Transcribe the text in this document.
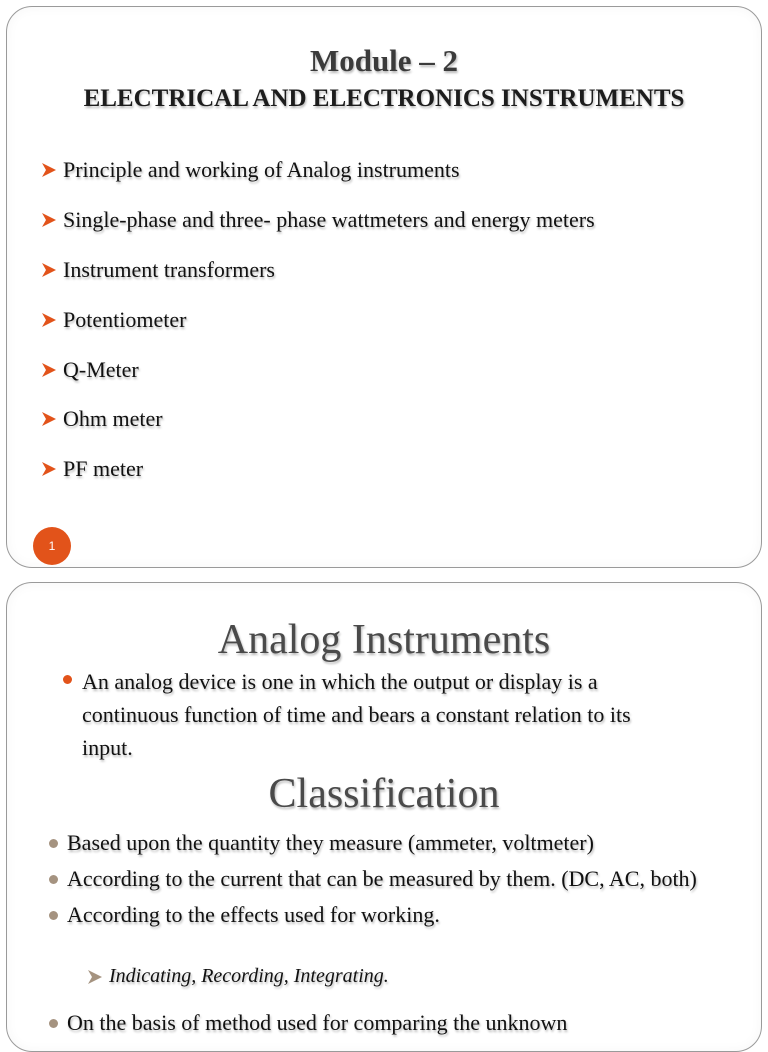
Module – 2
ELECTRICAL AND ELECTRONICS INSTRUMENTS
Principle and working of Analog instruments
Single-phase and three- phase wattmeters and energy meters
Instrument transformers
Potentiometer
Q-Meter
Ohm meter
PF meter
1
Analog Instruments
An analog device is one in which the output or display is a continuous function of time and bears a constant relation to its input.
Classification
Based upon the quantity they measure (ammeter, voltmeter)
According to the current that can be measured by them. (DC, AC, both)
According to the effects used for working.
Indicating, Recording, Integrating.
On the basis of method used for comparing the unknown
